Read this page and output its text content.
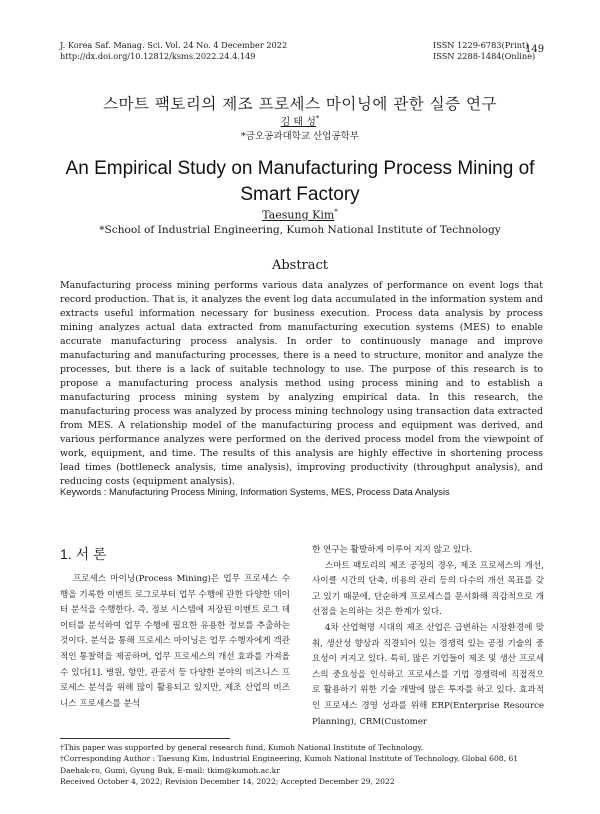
J. Korea Saf. Manag. Sci. Vol. 24 No. 4 December 2022
http://dx.doi.org/10.12812/ksms.2022.24.4.149
ISSN 1229-6783(Print)
ISSN 2288-1484(Online)
149
스마트 팩토리의 제조 프로세스 마이닝에 관한 실증 연구
김 태 성*
*금오공과대학교 산업공학부
An Empirical Study on Manufacturing Process Mining of
Smart Factory
Taesung Kim*
*School of Industrial Engineering, Kumoh National Institute of Technology
Abstract
Manufacturing process mining performs various data analyzes of performance on event logs that record production. That is, it analyzes the event log data accumulated in the information system and extracts useful information necessary for business execution. Process data analysis by process mining analyzes actual data extracted from manufacturing execution systems (MES) to enable accurate manufacturing process analysis. In order to continuously manage and improve manufacturing and manufacturing processes, there is a need to structure, monitor and analyze the processes, but there is a lack of suitable technology to use. The purpose of this research is to propose a manufacturing process analysis method using process mining and to establish a manufacturing process mining system by analyzing empirical data. In this research, the manufacturing process was analyzed by process mining technology using transaction data extracted from MES. A relationship model of the manufacturing process and equipment was derived, and various performance analyzes were performed on the derived process model from the viewpoint of work, equipment, and time. The results of this analysis are highly effective in shortening process lead times (bottleneck analysis, time analysis), improving productivity (throughput analysis), and reducing costs (equipment analysis).
Keywords : Manufacturing Process Mining, Information Systems, MES, Process Data Analysis
1. 서 론

프로세스 마이닝(Process Mining)은 업무 프로세스 수행을 기록한 이벤트 로그로부터 업무 수행에 관한 다양한 데이터 분석을 수행한다. 즉, 정보 시스템에 저장된 이벤트 로그 데이터를 분석하여 업무 수행에 필요한 유용한 정보를 추출하는 것이다. 분석을 통해 프로세스 마이닝은 업무 수행자에게 객관적인 통찰력을 제공하며, 업무 프로세스의 개선 효과를 가져올 수 있다[1]. 병원, 항만, 관공서 등 다양한 분야의 비즈니스 프로세스 분석을 위해 많이 활용되고 있지만, 제조 산업의 비즈니스 프로세스를 분석

한 연구는 활발하게 이루어 지지 않고 있다.

스마트 팩토리의 제조 공정의 경우, 제조 프로세스의 개선, 사이클 시간의 단축, 비용의 관리 등의 다수의 개선 목표를 갖고 있기 때문에, 단순하게 프로세스를 문서화해 직감적으로 개선점을 논의하는 것은 한계가 있다.

4차 산업혁명 시대의 제조 산업은 급변하는 시장환경에 맞춰, 생산성 향상과 직결되어 있는 경쟁력 있는 공정 기술의 중요성이 커지고 있다. 특히, 많은 기업들이 제조 및 생산 프로세스의 중요성을 인식하고 프로세스를 기업 경쟁력에 직접적으로 활용하기 위한 기술 개발에 많은 투자를 하고 있다. 효과적인 프로세스 경영 성과를 위해 ERP(Enterprise Resource Planning), CRM(Customer

†This paper was supported by general research fund, Kumoh National Institute of Technology.
†Corresponding Author : Taesung Kim, Industrial Engineering, Kumoh National Institute of Technology, Global 608, 61 Daehak-ro, Gumi, Gyung Buk, E-mail: tkim@kumoh.ac.kr
Received October 4, 2022; Revision December 14, 2022; Accepted December 29, 2022
